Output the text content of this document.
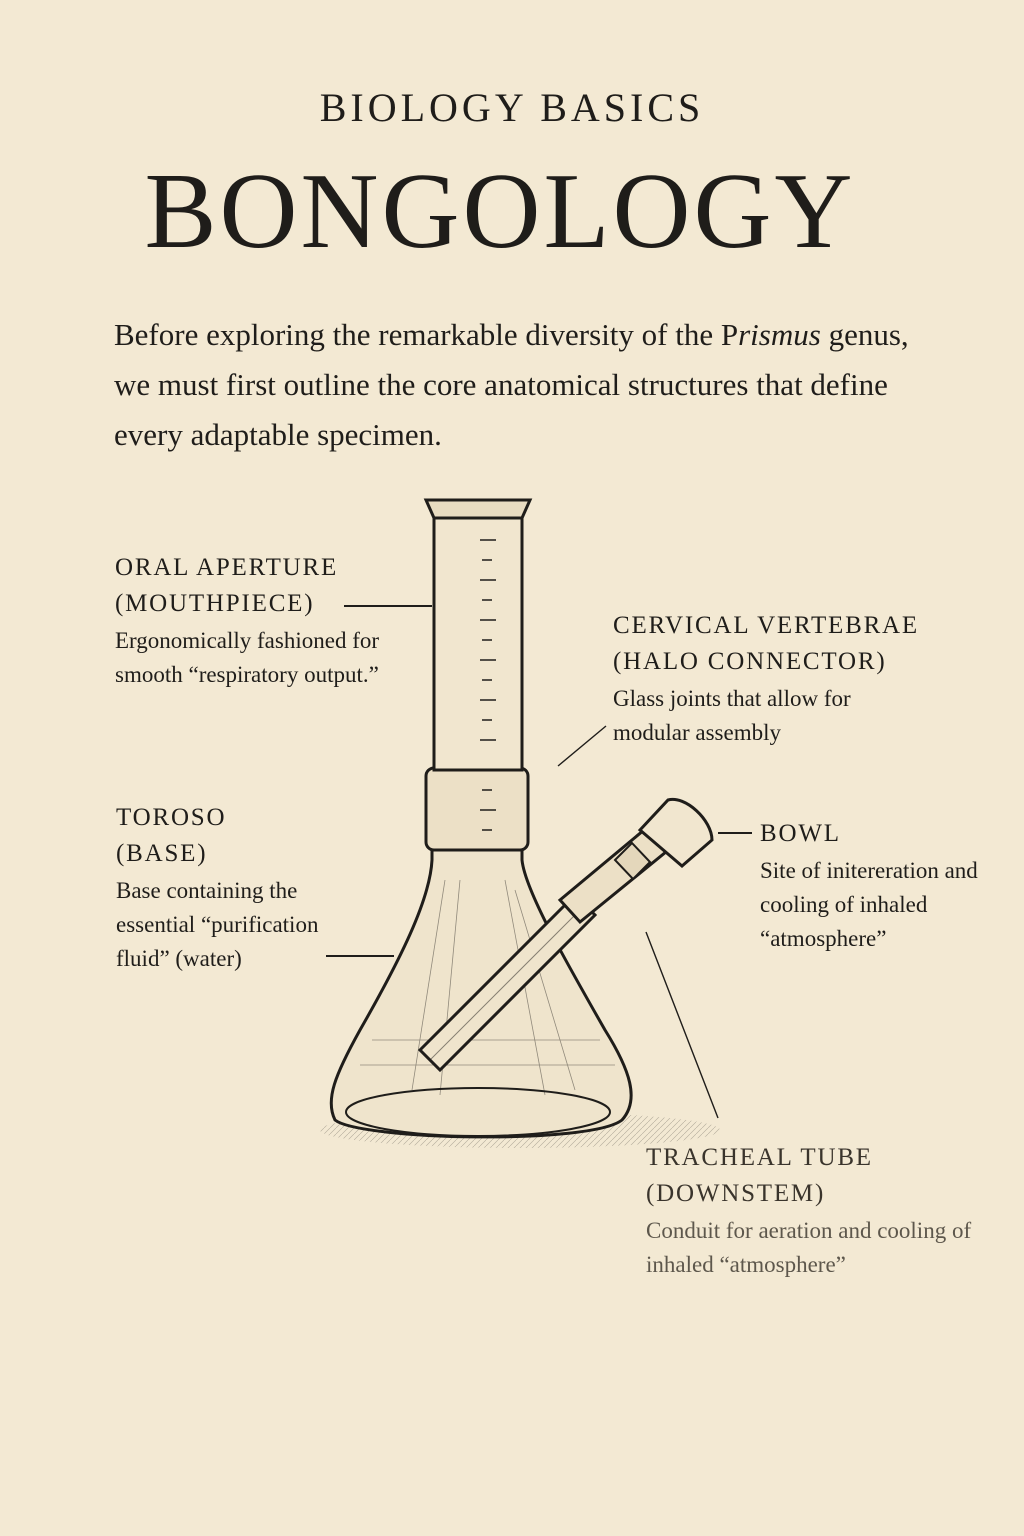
BIOLOGY BASICS
BONGOLOGY
Before exploring the remarkable diversity of the Prismus genus, we must first outline the core anatomical structures that define every adaptable specimen.
ORAL APERTURE
(MOUTHPIECE)
Ergonomically fashioned for smooth “respiratory output.”
CERVICAL VERTEBRAE
(HALO CONNECTOR)
Glass joints that allow for modular assembly
TOROSO
(BASE)
Base containing the essential “purification fluid” (water)
BOWL
Site of initereration and cooling of inhaled “atmosphere”
TRACHEAL TUBE
(DOWNSTEM)
Conduit for aeration and cooling of inhaled “atmosphere”
